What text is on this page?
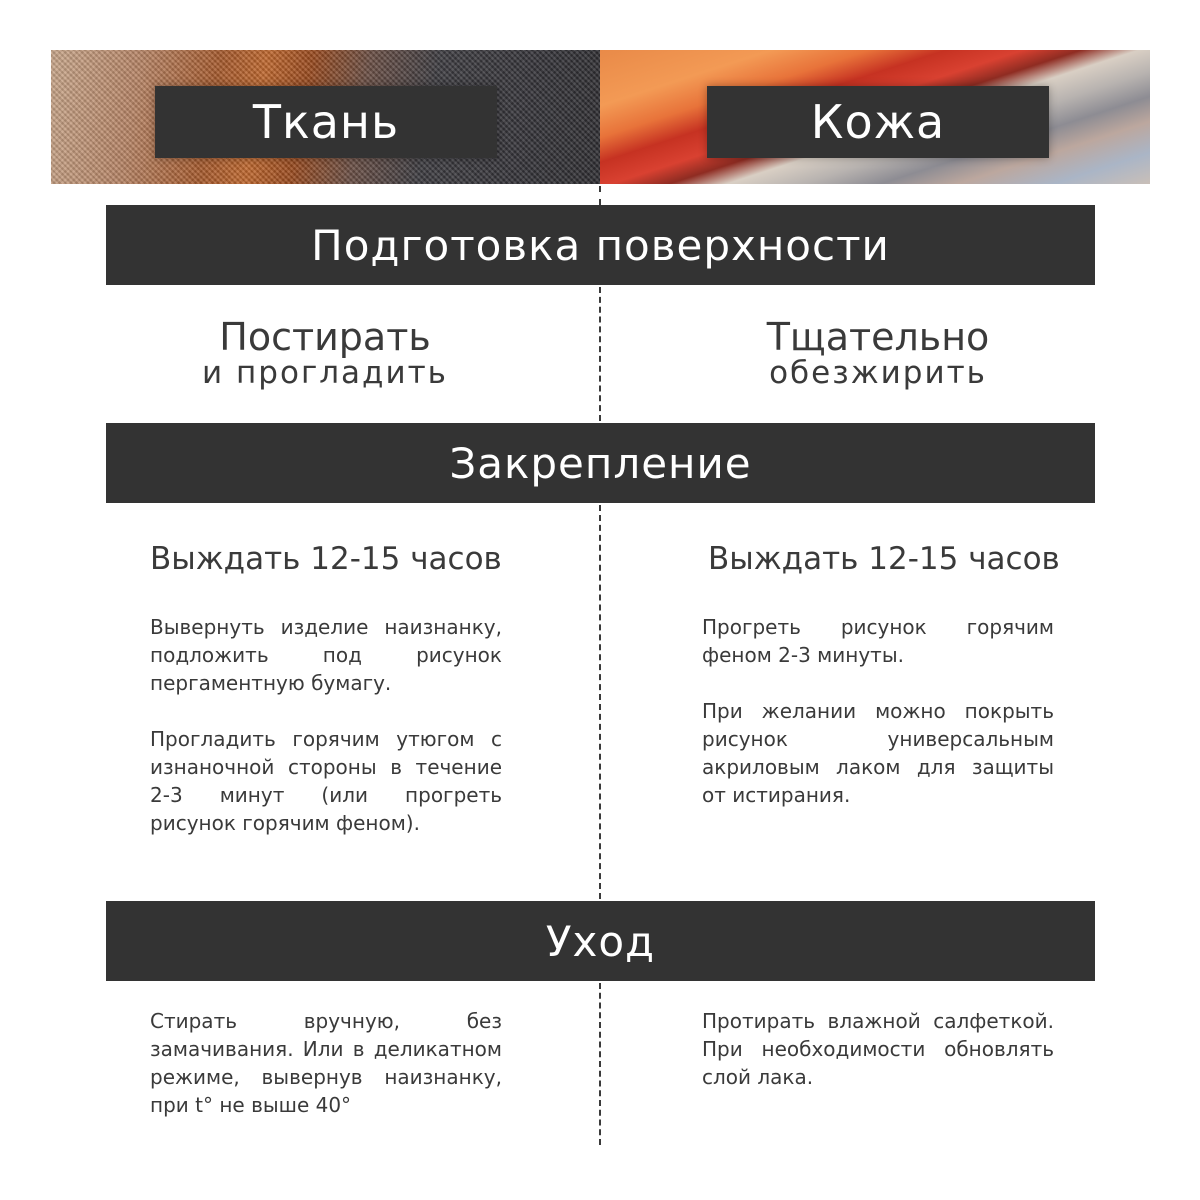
Ткань	Кожа
Подготовка поверхности
Постирать
и прогладить
Тщательно
обезжирить
Закрепление
Выждать 12-15 часов	Выждать 12-15 часов

Вывернуть изделие наизнанку, подложить под рисунок пергаментную бумагу.

Прогладить горячим утюгом с изнаночной стороны в течение 2-3 минут (или прогреть рисунок горячим феном).

Прогреть рисунок горячим феном 2-3 минуты.

При желании можно покрыть рисунок универсальным акриловым лаком для защиты от истирания.

Уход

Стирать вручную, без замачивания. Или в деликатном режиме, вывернув наизнанку, при t° не выше 40°

Протирать влажной салфеткой. При необходимости обновлять слой лака.
